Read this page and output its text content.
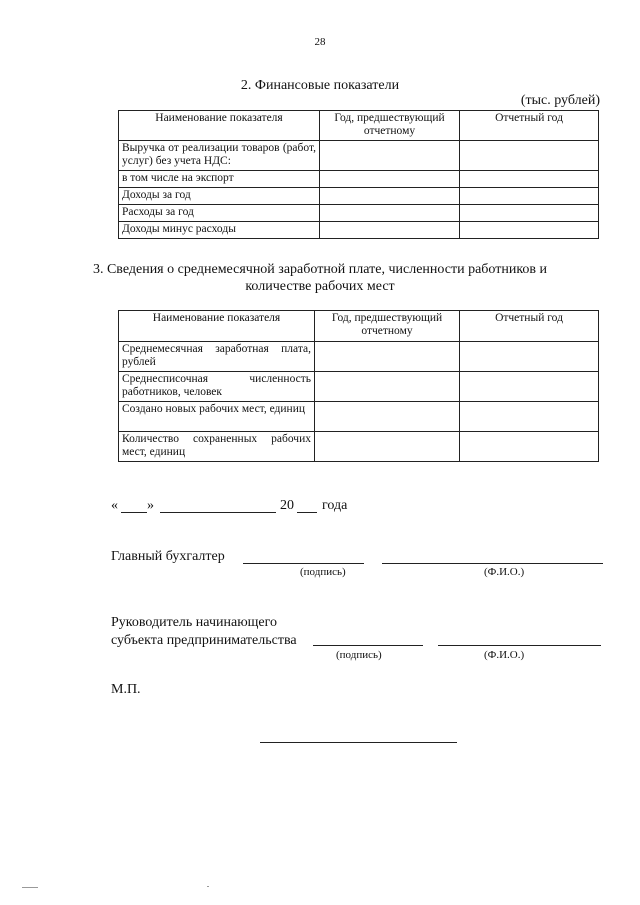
28
2. Финансовые показатели
(тыс. рублей)
Наименование показателя	Год, предшествующий отчетному	Отчетный год
Выручка от реализации товаров (работ, услуг) без учета НДС:		
в том числе на экспорт		
Доходы за год		
Расходы за год		
Доходы минус расходы		
3. Сведения о среднемесячной заработной плате, численности работников и
количестве рабочих мест
Наименование показателя	Год, предшествующий отчетному	Отчетный год
Среднемесячная заработная плата, рублей		
Среднесписочная численность работников, человек		
Создано новых рабочих мест, единиц		
Количество сохраненных рабочих мест, единиц		
« »	20 года
Главный бухгалтер
(подпись)	(Ф.И.О.)
Руководитель начинающего
субъекта предпринимательства
(подпись)	(Ф.И.О.)
М.П.
